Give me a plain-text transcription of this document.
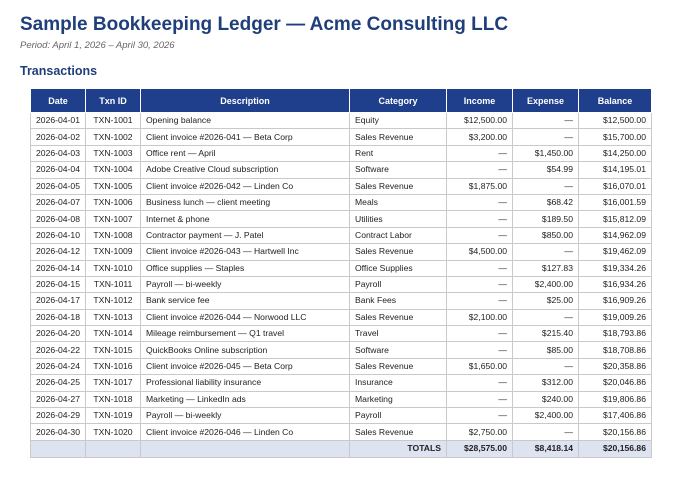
Sample Bookkeeping Ledger — Acme Consulting LLC
Period: April 1, 2026 – April 30, 2026
Transactions
Date	Txn ID	Description	Category	Income	Expense	Balance
2026-04-01	TXN-1001	Opening balance	Equity	$12,500.00	—	$12,500.00
2026-04-02	TXN-1002	Client invoice #2026-041 — Beta Corp	Sales Revenue	$3,200.00	—	$15,700.00
2026-04-03	TXN-1003	Office rent — April	Rent	—	$1,450.00	$14,250.00
2026-04-04	TXN-1004	Adobe Creative Cloud subscription	Software	—	$54.99	$14,195.01
2026-04-05	TXN-1005	Client invoice #2026-042 — Linden Co	Sales Revenue	$1,875.00	—	$16,070.01
2026-04-07	TXN-1006	Business lunch — client meeting	Meals	—	$68.42	$16,001.59
2026-04-08	TXN-1007	Internet & phone	Utilities	—	$189.50	$15,812.09
2026-04-10	TXN-1008	Contractor payment — J. Patel	Contract Labor	—	$850.00	$14,962.09
2026-04-12	TXN-1009	Client invoice #2026-043 — Hartwell Inc	Sales Revenue	$4,500.00	—	$19,462.09
2026-04-14	TXN-1010	Office supplies — Staples	Office Supplies	—	$127.83	$19,334.26
2026-04-15	TXN-1011	Payroll — bi-weekly	Payroll	—	$2,400.00	$16,934.26
2026-04-17	TXN-1012	Bank service fee	Bank Fees	—	$25.00	$16,909.26
2026-04-18	TXN-1013	Client invoice #2026-044 — Norwood LLC	Sales Revenue	$2,100.00	—	$19,009.26
2026-04-20	TXN-1014	Mileage reimbursement — Q1 travel	Travel	—	$215.40	$18,793.86
2026-04-22	TXN-1015	QuickBooks Online subscription	Software	—	$85.00	$18,708.86
2026-04-24	TXN-1016	Client invoice #2026-045 — Beta Corp	Sales Revenue	$1,650.00	—	$20,358.86
2026-04-25	TXN-1017	Professional liability insurance	Insurance	—	$312.00	$20,046.86
2026-04-27	TXN-1018	Marketing — LinkedIn ads	Marketing	—	$240.00	$19,806.86
2026-04-29	TXN-1019	Payroll — bi-weekly	Payroll	—	$2,400.00	$17,406.86
2026-04-30	TXN-1020	Client invoice #2026-046 — Linden Co	Sales Revenue	$2,750.00	—	$20,156.86
			TOTALS	$28,575.00	$8,418.14	$20,156.86
